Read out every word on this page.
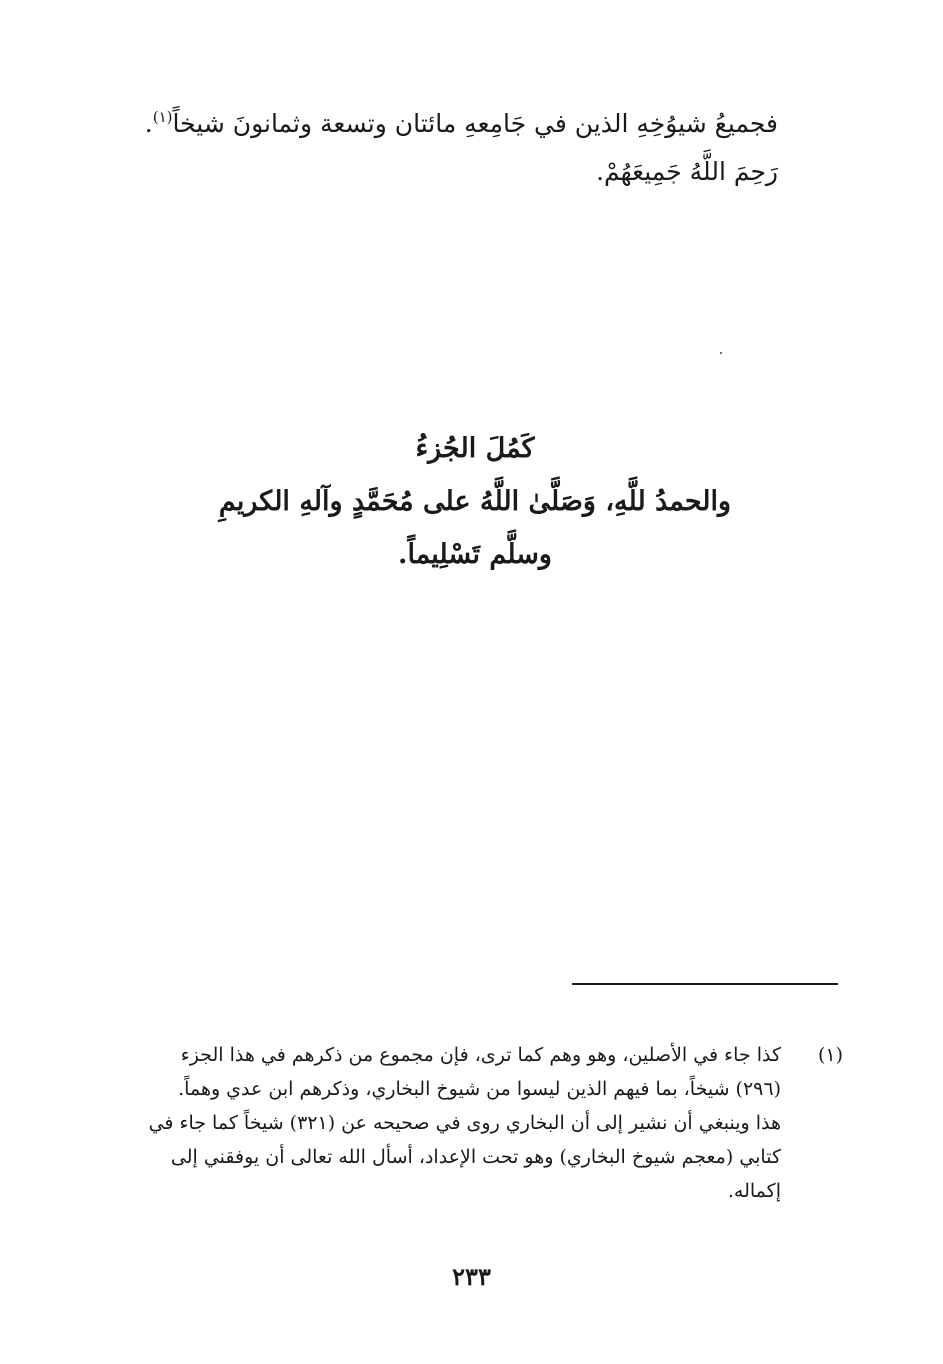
فجميعُ شيوُخِهِ الذين في جَامِعهِ مائتان وتسعة وثمانونَ شيخاً$^{(١)}$.

رَحِمَ اللَّهُ جَمِيعَهُمْ.

كَمُلَ الجُزءُ

والحمدُ للَّهِ، وَصَلَّىٰ اللَّهُ على مُحَمَّدٍ وآلهِ الكريمِ

وسلَّم تَسْلِيماً.

(١)

كذا جاء في الأصلين، وهو وهم كما ترى، فإن مجموع من ذكرهم في هذا الجزء

(٢٩٦) شيخاً، بما فيهم الذين ليسوا من شيوخ البخاري، وذكرهم ابن عدي وهماً.

هذا وينبغي أن نشير إلى أن البخاري روى في صحيحه عن (٣٢١) شيخاً كما جاء في

كتابي (معجم شيوخ البخاري) وهو تحت الإعداد، أسأل الله تعالى أن يوفقني إلى

إكماله.

٢٣٣
